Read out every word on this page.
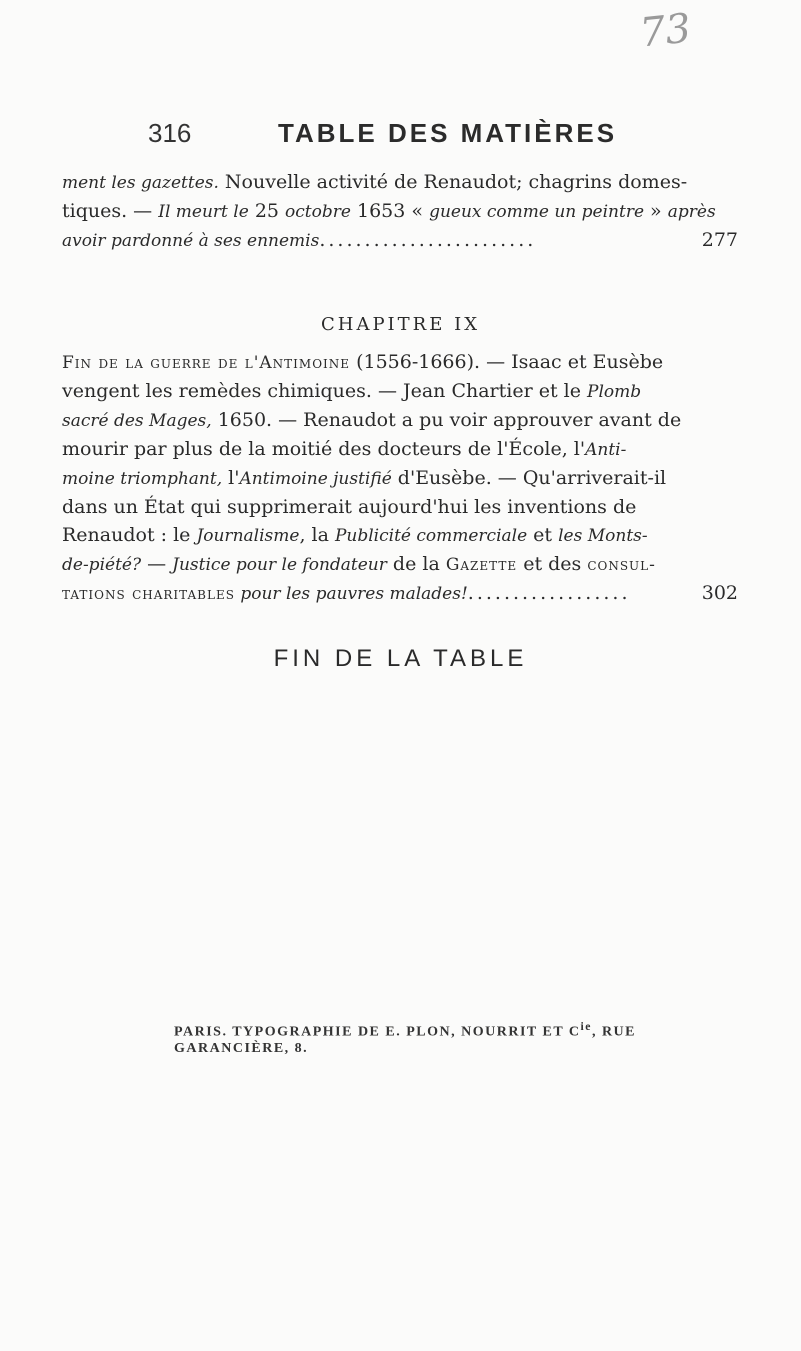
73
316	TABLE DES MATIÈRES
ment les gazettes. Nouvelle activité de Renaudot; chagrins domes-
tiques. — Il meurt le 25 octobre 1653 « gueux comme un peintre » après
avoir pardonné à ses ennemis........................	277
CHAPITRE IX
Fin de la guerre de l'Antimoine (1556-1666). — Isaac et Eusèbe
vengent les remèdes chimiques. — Jean Chartier et le Plomb
sacré des Mages, 1650. — Renaudot a pu voir approuver avant de
mourir par plus de la moitié des docteurs de l'École, l'Anti-
moine triomphant, l'Antimoine justifié d'Eusèbe. — Qu'arriverait-il
dans un État qui supprimerait aujourd'hui les inventions de
Renaudot : le Journalisme, la Publicité commerciale et les Monts-
de-piété? — Justice pour le fondateur de la Gazette et des consul-
tations charitables pour les pauvres malades!..................	302
FIN DE LA TABLE
PARIS. TYPOGRAPHIE DE E. PLON, NOURRIT ET $C^{ie}$, RUE GARANCIÈRE, 8.
